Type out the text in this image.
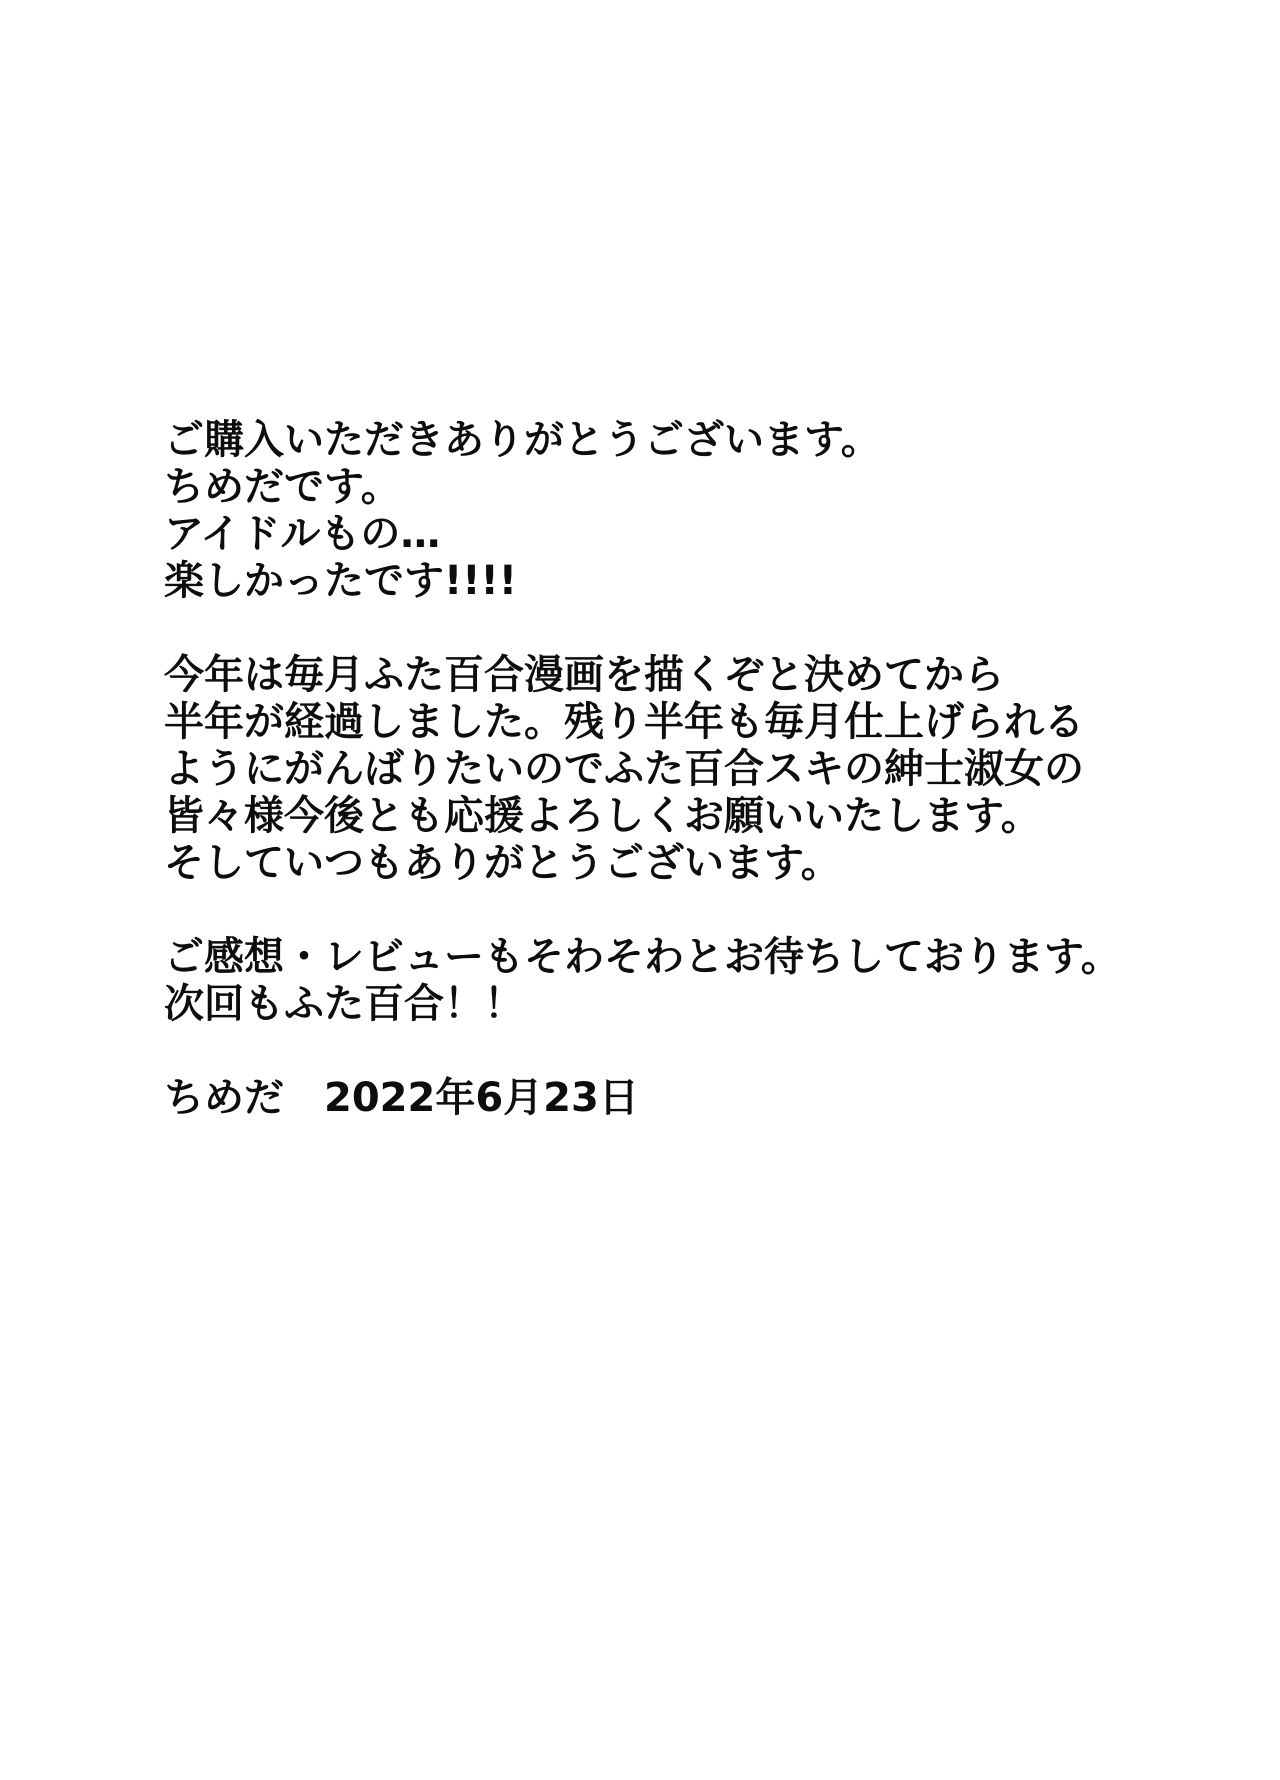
ご購入いただきありがとうございます。
ちめだです。
アイドルもの…
楽しかったです!!!!
今年は毎月ふた百合漫画を描くぞと決めてから
半年が経過しました。残り半年も毎月仕上げられる
ようにがんばりたいのでふた百合スキの紳士淑女の
皆々様今後とも応援よろしくお願いいたします。
そしていつもありがとうございます。
ご感想・レビューもそわそわとお待ちしております。
次回もふた百合！！
ちめだ　2022年6月23日
